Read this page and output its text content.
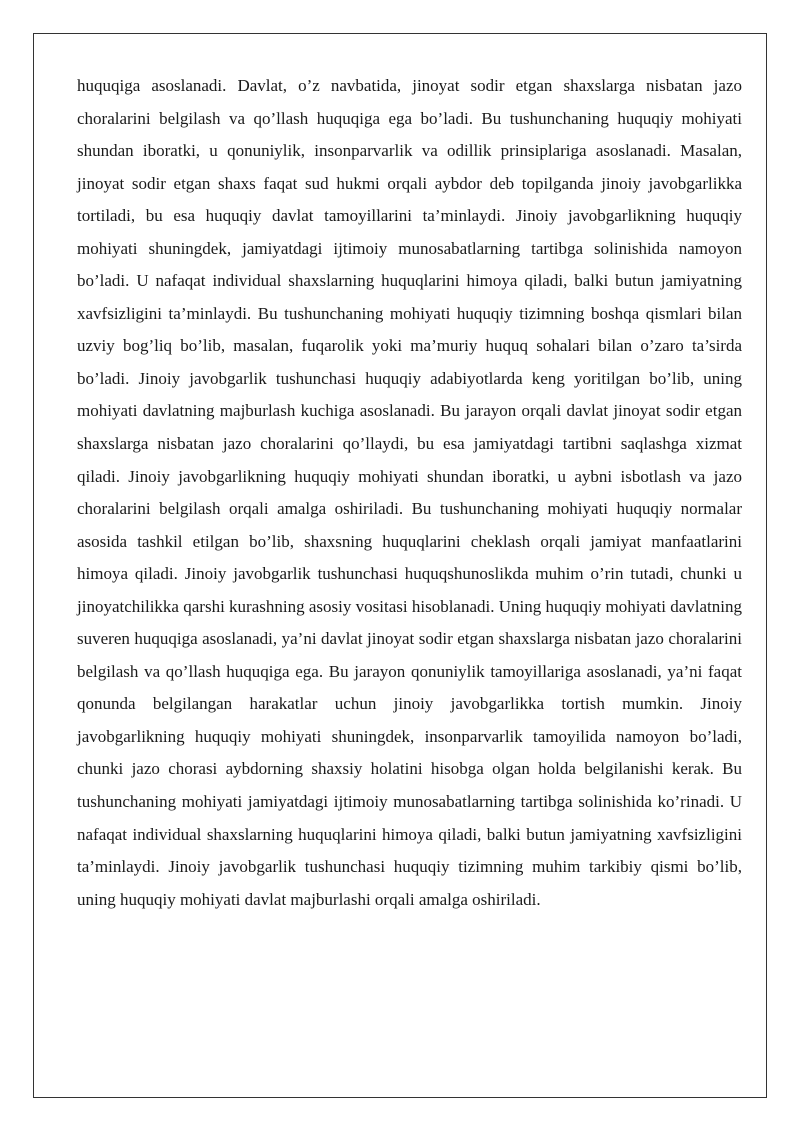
huquqiga asoslanadi. Davlat, o’z navbatida, jinoyat sodir etgan shaxslarga nisbatan jazo choralarini belgilash va qo’llash huquqiga ega bo’ladi. Bu tushunchaning huquqiy mohiyati shundan iboratki, u qonuniylik, insonparvarlik va odillik prinsiplariga asoslanadi. Masalan, jinoyat sodir etgan shaxs faqat sud hukmi orqali aybdor deb topilganda jinoiy javobgarlikka tortiladi, bu esa huquqiy davlat tamoyillarini ta’minlaydi. Jinoiy javobgarlikning huquqiy mohiyati shuningdek, jamiyatdagi ijtimoiy munosabatlarning tartibga solinishida namoyon bo’ladi. U nafaqat individual shaxslarning huquqlarini himoya qiladi, balki butun jamiyatning xavfsizligini ta’minlaydi. Bu tushunchaning mohiyati huquqiy tizimning boshqa qismlari bilan uzviy bog’liq bo’lib, masalan, fuqarolik yoki ma’muriy huquq sohalari bilan o’zaro ta’sirda bo’ladi. Jinoiy javobgarlik tushunchasi huquqiy adabiyotlarda keng yoritilgan bo’lib, uning mohiyati davlatning majburlash kuchiga asoslanadi. Bu jarayon orqali davlat jinoyat sodir etgan shaxslarga nisbatan jazo choralarini qo’llaydi, bu esa jamiyatdagi tartibni saqlashga xizmat qiladi. Jinoiy javobgarlikning huquqiy mohiyati shundan iboratki, u aybni isbotlash va jazo choralarini belgilash orqali amalga oshiriladi. Bu tushunchaning mohiyati huquqiy normalar asosida tashkil etilgan bo’lib, shaxsning huquqlarini cheklash orqali jamiyat manfaatlarini himoya qiladi. Jinoiy javobgarlik tushunchasi huquqshunoslikda muhim o’rin tutadi, chunki u jinoyatchilikka qarshi kurashning asosiy vositasi hisoblanadi. Uning huquqiy mohiyati davlatning suveren huquqiga asoslanadi, ya’ni davlat jinoyat sodir etgan shaxslarga nisbatan jazo choralarini belgilash va qo’llash huquqiga ega. Bu jarayon qonuniylik tamoyillariga asoslanadi, ya’ni faqat qonunda belgilangan harakatlar uchun jinoiy javobgarlikka tortish mumkin. Jinoiy javobgarlikning huquqiy mohiyati shuningdek, insonparvarlik tamoyilida namoyon bo’ladi, chunki jazo chorasi aybdorning shaxsiy holatini hisobga olgan holda belgilanishi kerak. Bu tushunchaning mohiyati jamiyatdagi ijtimoiy munosabatlarning tartibga solinishida ko’rinadi. U nafaqat individual shaxslarning huquqlarini himoya qiladi, balki butun jamiyatning xavfsizligini ta’minlaydi. Jinoiy javobgarlik tushunchasi huquqiy tizimning muhim tarkibiy qismi bo’lib, uning huquqiy mohiyati davlat majburlashi orqali amalga oshiriladi.
